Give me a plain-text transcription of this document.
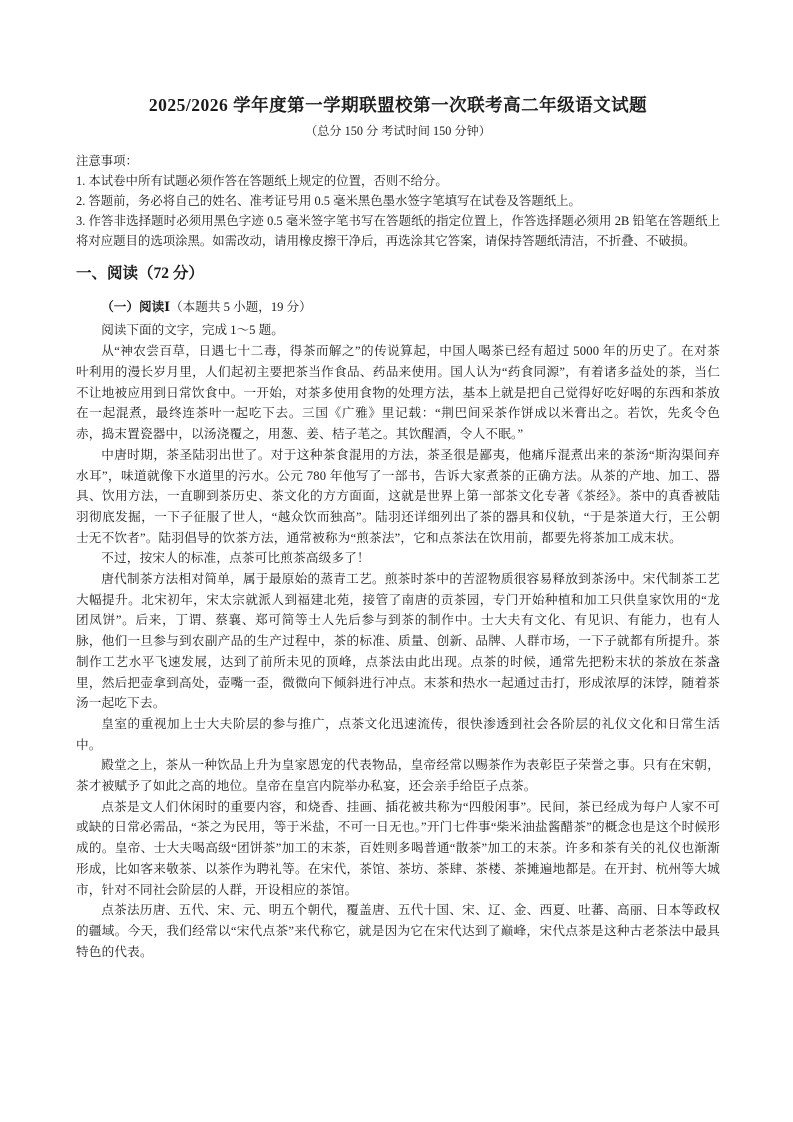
2025/2026 学年度第一学期联盟校第一次联考高二年级语文试题

（总分 150 分 考试时间 150 分钟）

注意事项：

1. 本试卷中所有试题必须作答在答题纸上规定的位置，否则不给分。

2. 答题前，务必将自己的姓名、准考证号用 0.5 毫米黑色墨水签字笔填写在试卷及答题纸上。

3. 作答非选择题时必须用黑色字迹 0.5 毫米签字笔书写在答题纸的指定位置上，作答选择题必须用 2B 铅笔在答题纸上将对应题目的选项涂黑。如需改动，请用橡皮擦干净后，再选涂其它答案，请保持答题纸清洁，不折叠、不破损。

一、阅读（72 分）

（一）阅读Ⅰ（本题共 5 小题，19 分）

阅读下面的文字，完成 1～5 题。

从“神农尝百草，日遇七十二毒，得茶而解之”的传说算起，中国人喝茶已经有超过 5000 年的历史了。在对茶叶利用的漫长岁月里，人们起初主要把茶当作食品、药品来使用。国人认为“药食同源”，有着诸多益处的茶，当仁不让地被应用到日常饮食中。一开始，对茶多使用食物的处理方法，基本上就是把自己觉得好吃好喝的东西和茶放在一起混煮，最终连茶叶一起吃下去。三国《广雅》里记载：“荆巴间采茶作饼成以米膏出之。若饮，先炙令色赤，捣末置瓷器中，以汤浇覆之，用葱、姜、桔子芼之。其饮醒酒，令人不眠。”

中唐时期，茶圣陆羽出世了。对于这种茶食混用的方法，茶圣很是鄙夷，他痛斥混煮出来的茶汤“斯沟渠间弃水耳”，味道就像下水道里的污水。公元 780 年他写了一部书，告诉大家煮茶的正确方法。从茶的产地、加工、器具、饮用方法，一直聊到茶历史、茶文化的方方面面，这就是世界上第一部茶文化专著《茶经》。茶中的真香被陆羽彻底发掘，一下子征服了世人，“越众饮而独高”。陆羽还详细列出了茶的器具和仪轨，“于是茶道大行，王公朝士无不饮者”。陆羽倡导的饮茶方法，通常被称为“煎茶法”，它和点茶法在饮用前，都要先将茶加工成末状。

不过，按宋人的标准，点茶可比煎茶高级多了！

唐代制茶方法相对简单，属于最原始的蒸青工艺。煎茶时茶中的苦涩物质很容易释放到茶汤中。宋代制茶工艺大幅提升。北宋初年，宋太宗就派人到福建北苑，接管了南唐的贡茶园，专门开始种植和加工只供皇家饮用的“龙团凤饼”。后来，丁谓、蔡襄、郑可简等士人先后参与到茶的制作中。士大夫有文化、有见识、有能力，也有人脉，他们一旦参与到农副产品的生产过程中，茶的标准、质量、创新、品牌、人群市场，一下子就都有所提升。茶制作工艺水平飞速发展，达到了前所未见的顶峰，点茶法由此出现。点茶的时候，通常先把粉末状的茶放在茶盏里，然后把壶拿到高处，壶嘴一歪，微微向下倾斜进行冲点。末茶和热水一起通过击打，形成浓厚的沫饽，随着茶汤一起吃下去。

皇室的重视加上士大夫阶层的参与推广，点茶文化迅速流传，很快渗透到社会各阶层的礼仪文化和日常生活中。

殿堂之上，茶从一种饮品上升为皇家恩宠的代表物品，皇帝经常以赐茶作为表彰臣子荣誉之事。只有在宋朝，茶才被赋予了如此之高的地位。皇帝在皇宫内院举办私宴，还会亲手给臣子点茶。

点茶是文人们休闲时的重要内容，和烧香、挂画、插花被共称为“四般闲事”。民间，茶已经成为每户人家不可或缺的日常必需品，“茶之为民用，等于米盐，不可一日无也。”开门七件事“柴米油盐酱醋茶”的概念也是这个时候形成的。皇帝、士大夫喝高级“团饼茶”加工的末茶，百姓则多喝普通“散茶”加工的末茶。许多和茶有关的礼仪也渐渐形成，比如客来敬茶、以茶作为聘礼等。在宋代，茶馆、茶坊、茶肆、茶楼、茶摊遍地都是。在开封、杭州等大城市，针对不同社会阶层的人群，开设相应的茶馆。

点茶法历唐、五代、宋、元、明五个朝代，覆盖唐、五代十国、宋、辽、金、西夏、吐蕃、高丽、日本等政权的疆域。今天，我们经常以“宋代点茶”来代称它，就是因为它在宋代达到了巅峰，宋代点茶是这种古老茶法中最具特色的代表。
